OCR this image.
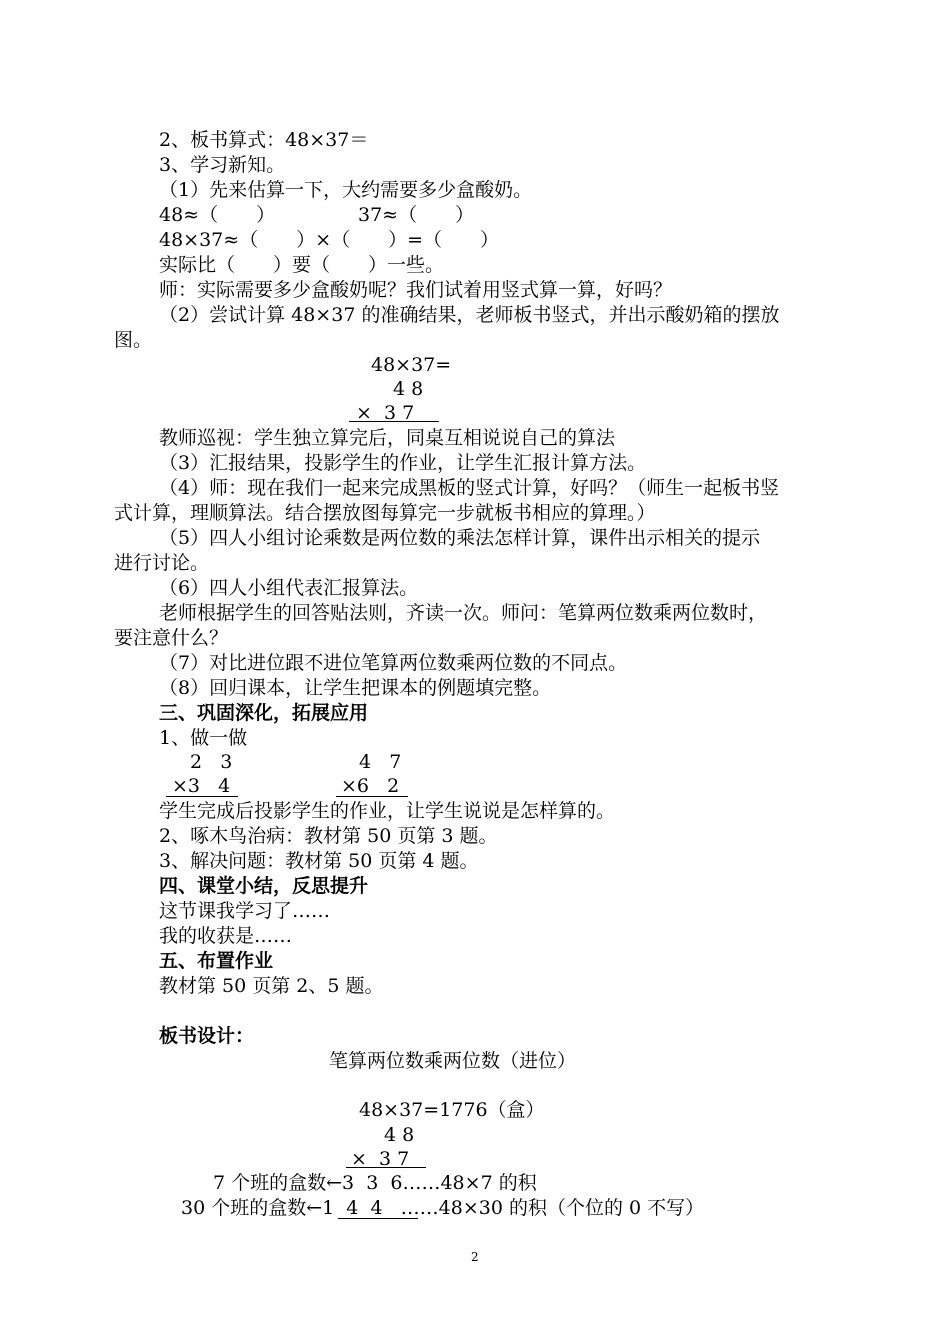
2、板书算式：48×37＝
3、学习新知。
（1）先来估算一下，大约需要多少盒酸奶。
48≈（　　）	37≈（　　）
48×37≈（　　）×（　　）=（　　）
实际比（　　）要（　　）一些。
师：实际需要多少盒酸奶呢？我们试着用竖式算一算，好吗？
（2）尝试计算 48×37 的准确结果，老师板书竖式，并出示酸奶箱的摆放
图。
48×37=
4 8
×  3 7
教师巡视：学生独立算完后，同桌互相说说自己的算法
（3）汇报结果，投影学生的作业，让学生汇报计算方法。
（4）师：现在我们一起来完成黑板的竖式计算，好吗？（师生一起板书竖
式计算，理顺算法。结合摆放图每算完一步就板书相应的算理。）
（5）四人小组讨论乘数是两位数的乘法怎样计算，课件出示相关的提示
进行讨论。
（6）四人小组代表汇报算法。
老师根据学生的回答贴法则，齐读一次。师问：笔算两位数乘两位数时，
要注意什么？
（7）对比进位跟不进位笔算两位数乘两位数的不同点。
（8）回归课本，让学生把课本的例题填完整。
三、巩固深化，拓展应用
1、做一做
2   3	4   7
×3   4	×6   2
学生完成后投影学生的作业，让学生说说是怎样算的。
2、啄木鸟治病：教材第 50 页第 3 题。
3、解决问题：教材第 50 页第 4 题。
四、课堂小结，反思提升
这节课我学习了……
我的收获是……
五、布置作业
教材第 50 页第 2、5 题。
板书设计：
笔算两位数乘两位数（进位）
48×37=1776（盒）
4 8
×  3 7
7 个班的盒数←3  3  6……48×7 的积
30 个班的盒数←1  4  4   ……48×30 的积（个位的 0 不写）
2
